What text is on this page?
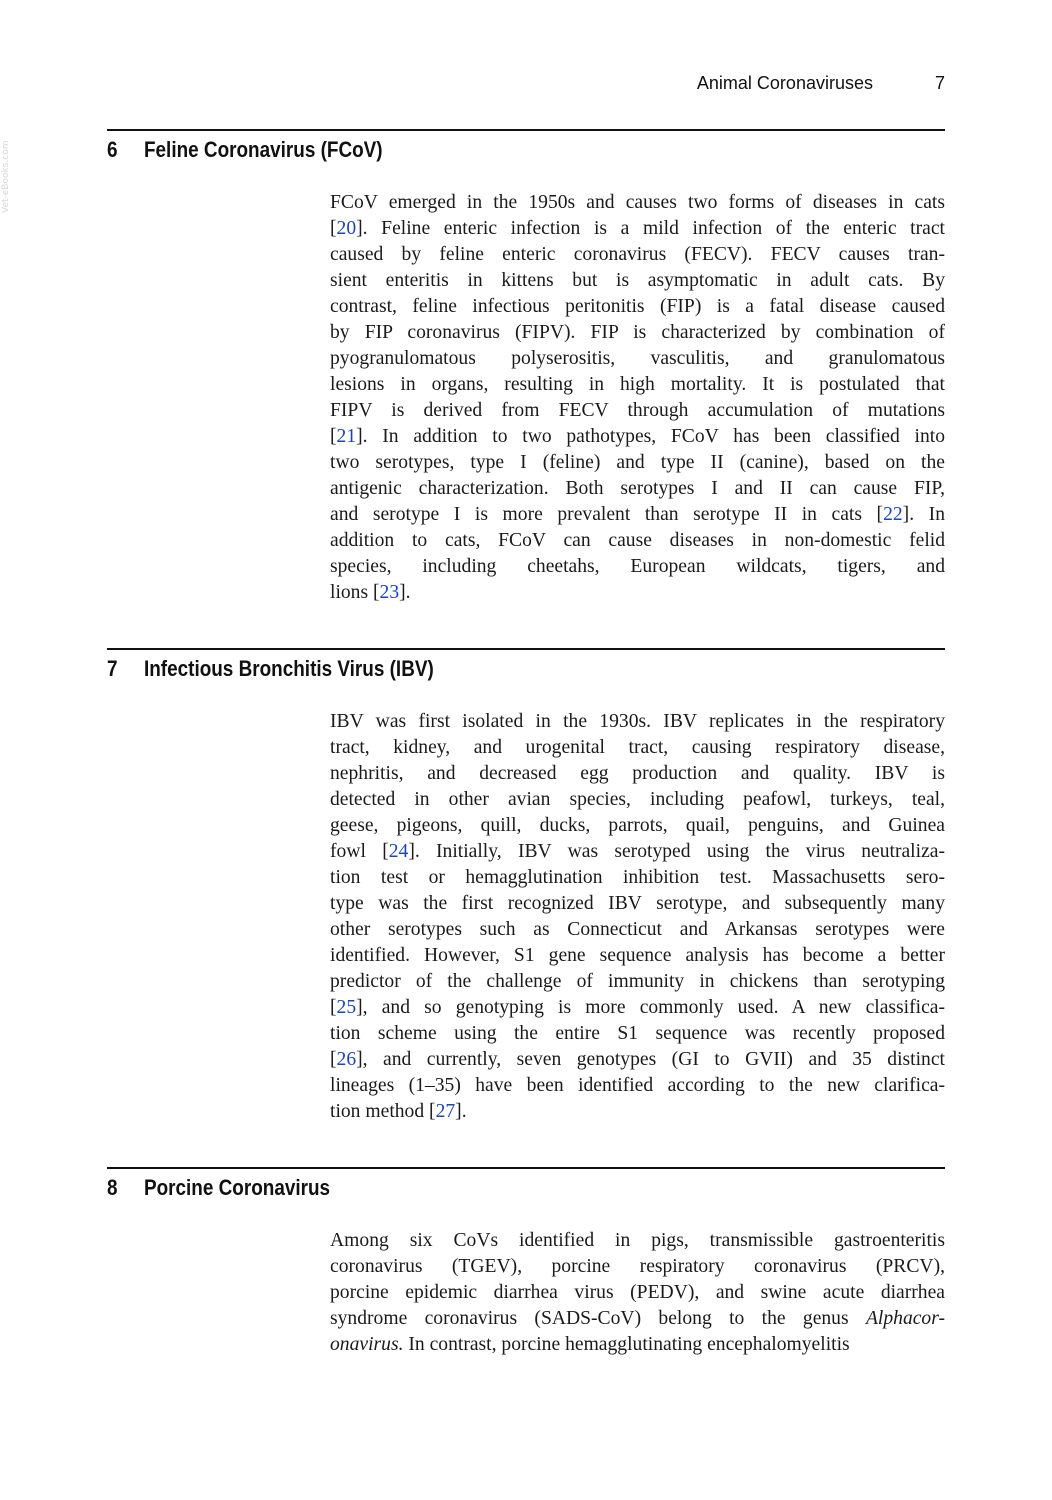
Animal Coronaviruses	7
Vet-eBooks.com	6	Feline Coronavirus (FCoV)
FCoV emerged in the 1950s and causes two forms of diseases in cats
[20]. Feline enteric infection is a mild infection of the enteric tract
caused by feline enteric coronavirus (FECV). FECV causes tran-
sient enteritis in kittens but is asymptomatic in adult cats. By
contrast, feline infectious peritonitis (FIP) is a fatal disease caused
by FIP coronavirus (FIPV). FIP is characterized by combination of
pyogranulomatous polyserositis, vasculitis, and granulomatous
lesions in organs, resulting in high mortality. It is postulated that
FIPV is derived from FECV through accumulation of mutations
[21]. In addition to two pathotypes, FCoV has been classified into
two serotypes, type I (feline) and type II (canine), based on the
antigenic characterization. Both serotypes I and II can cause FIP,
and serotype I is more prevalent than serotype II in cats [22]. In
addition to cats, FCoV can cause diseases in non-domestic felid
species, including cheetahs, European wildcats, tigers, and
lions [23].
7	Infectious Bronchitis Virus (IBV)
IBV was first isolated in the 1930s. IBV replicates in the respiratory
tract, kidney, and urogenital tract, causing respiratory disease,
nephritis, and decreased egg production and quality. IBV is
detected in other avian species, including peafowl, turkeys, teal,
geese, pigeons, quill, ducks, parrots, quail, penguins, and Guinea
fowl [24]. Initially, IBV was serotyped using the virus neutraliza-
tion test or hemagglutination inhibition test. Massachusetts sero-
type was the first recognized IBV serotype, and subsequently many
other serotypes such as Connecticut and Arkansas serotypes were
identified. However, S1 gene sequence analysis has become a better
predictor of the challenge of immunity in chickens than serotyping
[25], and so genotyping is more commonly used. A new classifica-
tion scheme using the entire S1 sequence was recently proposed
[26], and currently, seven genotypes (GI to GVII) and 35 distinct
lineages (1–35) have been identified according to the new clarifica-
tion method [27].
8	Porcine Coronavirus
Among six CoVs identified in pigs, transmissible gastroenteritis
coronavirus (TGEV), porcine respiratory coronavirus (PRCV),
porcine epidemic diarrhea virus (PEDV), and swine acute diarrhea
syndrome coronavirus (SADS-CoV) belong to the genus Alphacor-
onavirus. In contrast, porcine hemagglutinating encephalomyelitis
